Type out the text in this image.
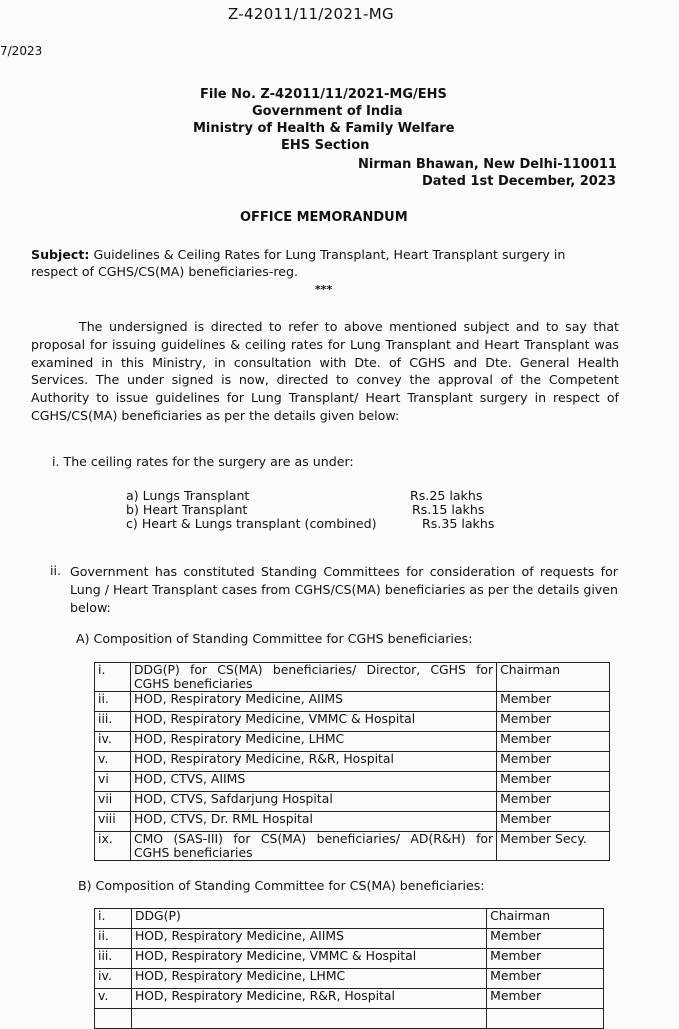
Z-42011/11/2021-MG
7/2023
File No. Z-42011/11/2021-MG/EHS
Government of India
Ministry of Health & Family Welfare
EHS Section
Nirman Bhawan, New Delhi-110011
Dated 1st December, 2023
OFFICE MEMORANDUM
Subject: Guidelines & Ceiling Rates for Lung Transplant, Heart Transplant surgery in
respect of CGHS/CS(MA) beneficiaries-reg.
***
The undersigned is directed to refer to above mentioned subject and to say that proposal for issuing guidelines & ceiling rates for Lung Transplant and Heart Transplant was examined in this Ministry, in consultation with Dte. of CGHS and Dte. General Health Services. The under signed is now, directed to convey the approval of the Competent Authority to issue guidelines for Lung Transplant/ Heart Transplant surgery in respect of CGHS/CS(MA) beneficiaries as per the details given below:
i. The ceiling rates for the surgery are as under:
a) Lungs Transplant	Rs.25 lakhs
b) Heart Transplant	Rs.15 lakhs
c) Heart & Lungs transplant (combined)	Rs.35 lakhs
ii. Government has constituted Standing Committees for consideration of requests for Lung / Heart Transplant cases from CGHS/CS(MA) beneficiaries as per the details given below:
A) Composition of Standing Committee for CGHS beneficiaries:
i.	DDG(P) for CS(MA) beneficiaries/ Director, CGHS for CGHS beneficiaries	Chairman
ii.	HOD, Respiratory Medicine, AIIMS	Member
iii.	HOD, Respiratory Medicine, VMMC & Hospital	Member
iv.	HOD, Respiratory Medicine, LHMC	Member
v.	HOD, Respiratory Medicine, R&R, Hospital	Member
vi	HOD, CTVS, AIIMS	Member
vii	HOD, CTVS, Safdarjung Hospital	Member
viii	HOD, CTVS, Dr. RML Hospital	Member
ix.	CMO (SAS-III) for CS(MA) beneficiaries/ AD(R&H) for CGHS beneficiaries	Member Secy.
B) Composition of Standing Committee for CS(MA) beneficiaries:
i.	DDG(P)	Chairman
ii.	HOD, Respiratory Medicine, AIIMS	Member
iii.	HOD, Respiratory Medicine, VMMC & Hospital	Member
iv.	HOD, Respiratory Medicine, LHMC	Member
v.	HOD, Respiratory Medicine, R&R, Hospital	Member
